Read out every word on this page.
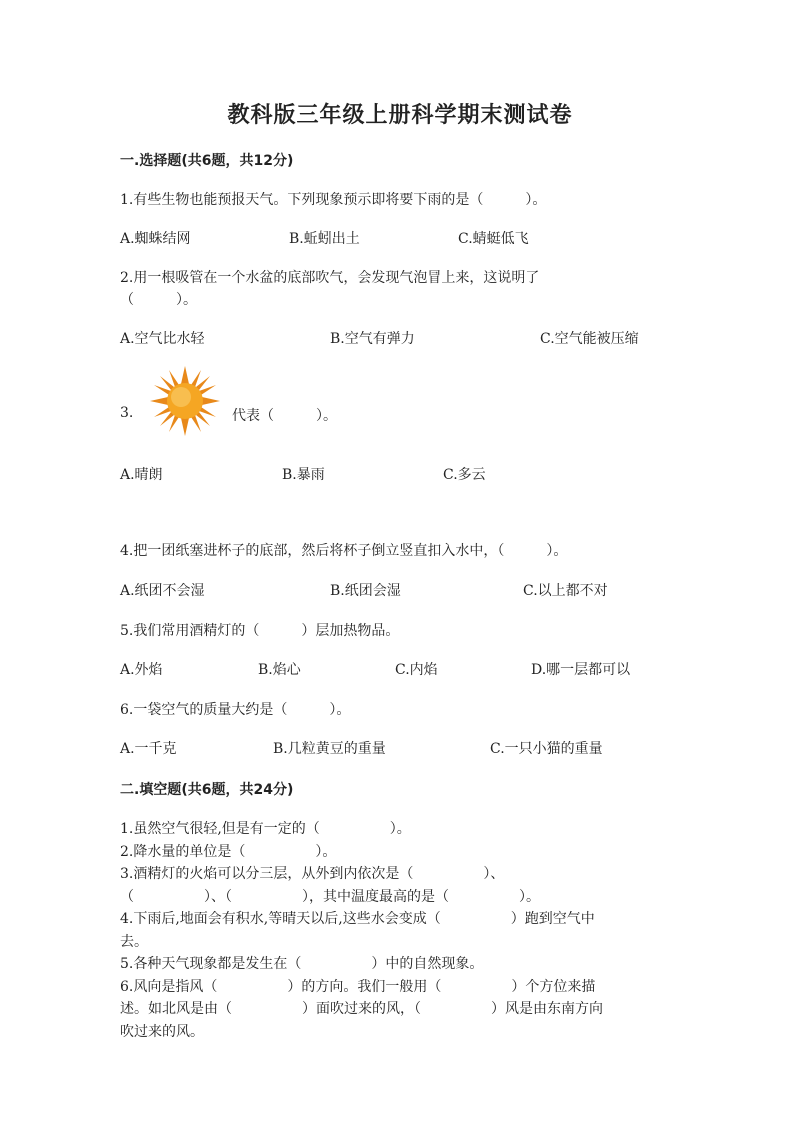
教科版三年级上册科学期末测试卷
一.选择题(共6题，共12分)
1.有些生物也能预报天气。下列现象预示即将要下雨的是（　　　）。
A.蜘蛛结网	B.蚯蚓出土	C.蜻蜓低飞
2.用一根吸管在一个水盆的底部吹气，会发现气泡冒上来，这说明了
（　　　）。
A.空气比水轻	B.空气有弹力	C.空气能被压缩
3.	代表（　　　）。
A.晴朗	B.暴雨	C.多云
4.把一团纸塞进杯子的底部，然后将杯子倒立竖直扣入水中，（　　　）。
A.纸团不会湿	B.纸团会湿	C.以上都不对
5.我们常用酒精灯的（　　　）层加热物品。
A.外焰	B.焰心	C.内焰	D.哪一层都可以
6.一袋空气的质量大约是（　　　）。
A.一千克	B.几粒黄豆的重量	C.一只小猫的重量
二.填空题(共6题，共24分)
1.虽然空气很轻,但是有一定的（　　　　　）。
2.降水量的单位是（　　　　　）。
3.酒精灯的火焰可以分三层，从外到内依次是（　　　　　）、
（　　　　　）、（　　　　　），其中温度最高的是（　　　　　）。
4.下雨后,地面会有积水,等晴天以后,这些水会变成（　　　　　）跑到空气中
去。
5.各种天气现象都是发生在（　　　　　）中的自然现象。
6.风向是指风（　　　　　）的方向。我们一般用（　　　　　）个方位来描
述。如北风是由（　　　　　）面吹过来的风，（　　　　　）风是由东南方向
吹过来的风。
